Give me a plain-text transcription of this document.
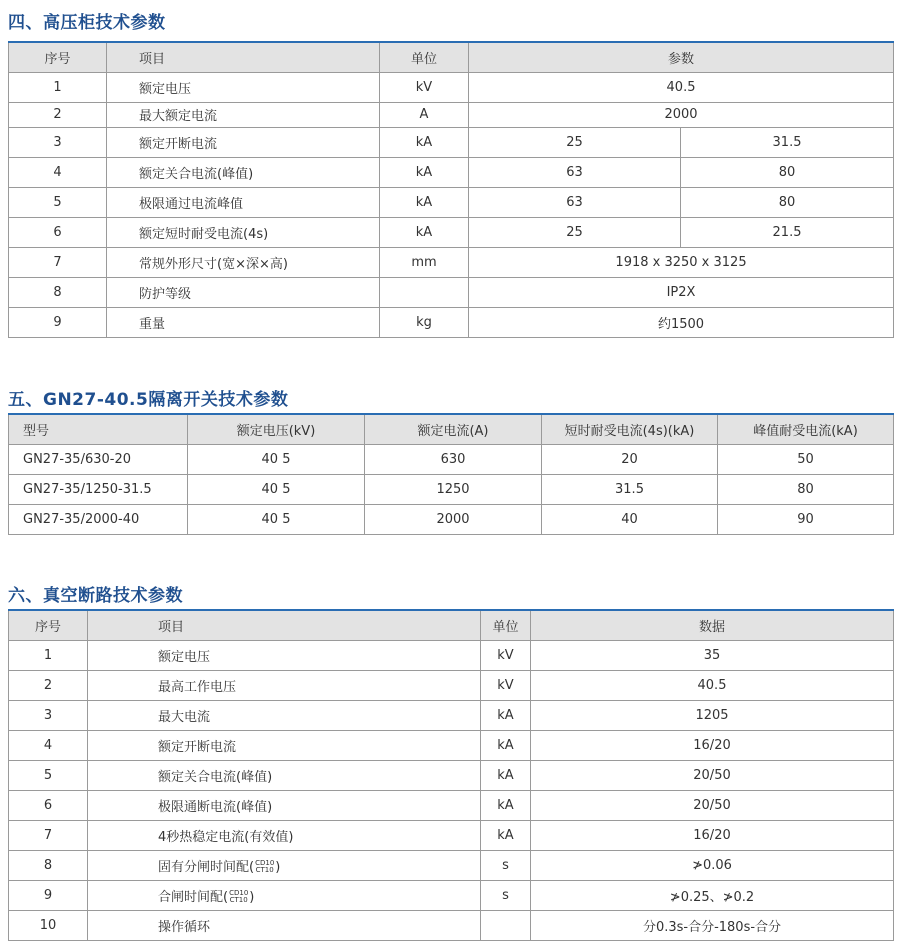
四、高压柜技术参数
序号	项目	单位	参数	
1	额定电压	kV	40.5	
2	最大额定电流	A	2000	
3	额定开断电流	kA	25	31.5
4	额定关合电流(峰值)	kA	63	80
5	极限通过电流峰值	kA	63	80
6	额定短时耐受电流(4s)	kA	25	21.5
7	常规外形尺寸(宽×深×高)	mm	1918 x 3250 x 3125	
8	防护等级		IP2X	
9	重量	kg	约1500	
五、GN27-40.5隔离开关技术参数
型号	额定电压(kV)	额定电流(A)	短时耐受电流(4s)(kA)	峰值耐受电流(kA)
GN27-35/630-20	40 5	630	20	50
GN27-35/1250-31.5	40 5	1250	31.5	80
GN27-35/2000-40	40 5	2000	40	90
六、真空断路技术参数
序号	项目	单位	数据
1	额定电压	kV	35
2	最高工作电压	kV	40.5
3	最大电流	kA	1205
4	额定开断电流	kA	16/20
5	额定关合电流(峰值)	kA	20/50
6	极限通断电流(峰值)	kA	20/50
7	4秒热稳定电流(有效值)	kA	16/20
8	固有分闸时间配( CD10
CT10 )	s	≯0.06
9	合闸时间配( CD10
CT10 )	s	≯0.25、≯0.2
10	操作循环		分0.3s-合分-180s-合分
